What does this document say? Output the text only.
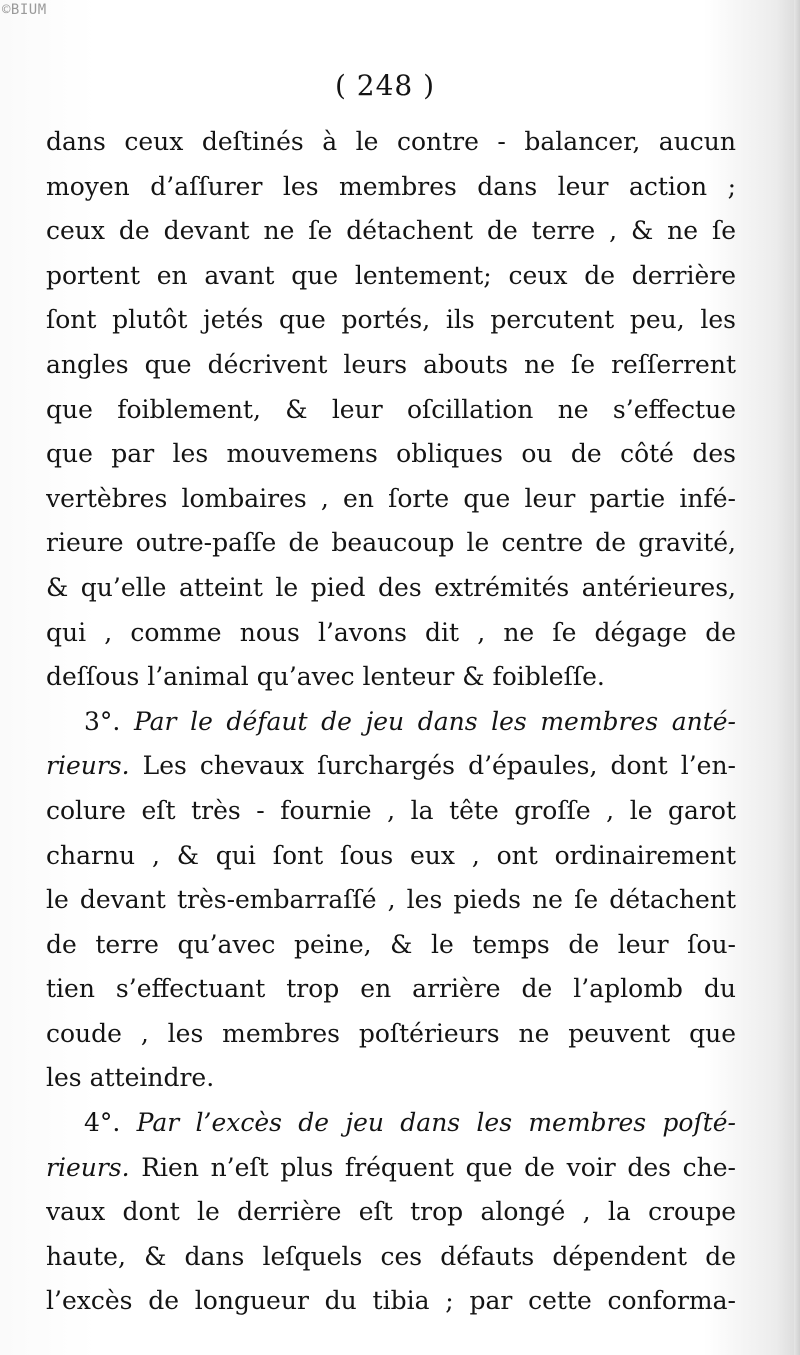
©BIUM
( 248 )
dans ceux deſtinés à le contre - balancer, aucun
moyen d’aſſurer les membres dans leur action ;
ceux de devant ne ſe détachent de terre , & ne ſe
portent en avant que lentement; ceux de derrière
ſont plutôt jetés que portés, ils percutent peu, les
angles que décrivent leurs abouts ne ſe reſſerrent
que foiblement, & leur oſcillation ne s’effectue
que par les mouvemens obliques ou de côté des
vertèbres lombaires , en ſorte que leur partie infé-
rieure outre-paſſe de beaucoup le centre de gravité,
& qu’elle atteint le pied des extrémités antérieures,
qui , comme nous l’avons dit , ne ſe dégage de
deſſous l’animal qu’avec lenteur & foibleſſe.
3°. Par le défaut de jeu dans les membres anté-
rieurs. Les chevaux ſurchargés d’épaules, dont l’en-
colure eſt très - fournie , la tête groſſe , le garot
charnu , & qui ſont ſous eux , ont ordinairement
le devant très-embarraſſé , les pieds ne ſe détachent
de terre qu’avec peine, & le temps de leur ſou-
tien s’effectuant trop en arrière de l’aplomb du
coude , les membres poſtérieurs ne peuvent que
les atteindre.
4°. Par l’excès de jeu dans les membres poſté-
rieurs. Rien n’eſt plus fréquent que de voir des che-
vaux dont le derrière eſt trop alongé , la croupe
haute, & dans leſquels ces défauts dépendent de
l’excès de longueur du tibia ; par cette conforma-
